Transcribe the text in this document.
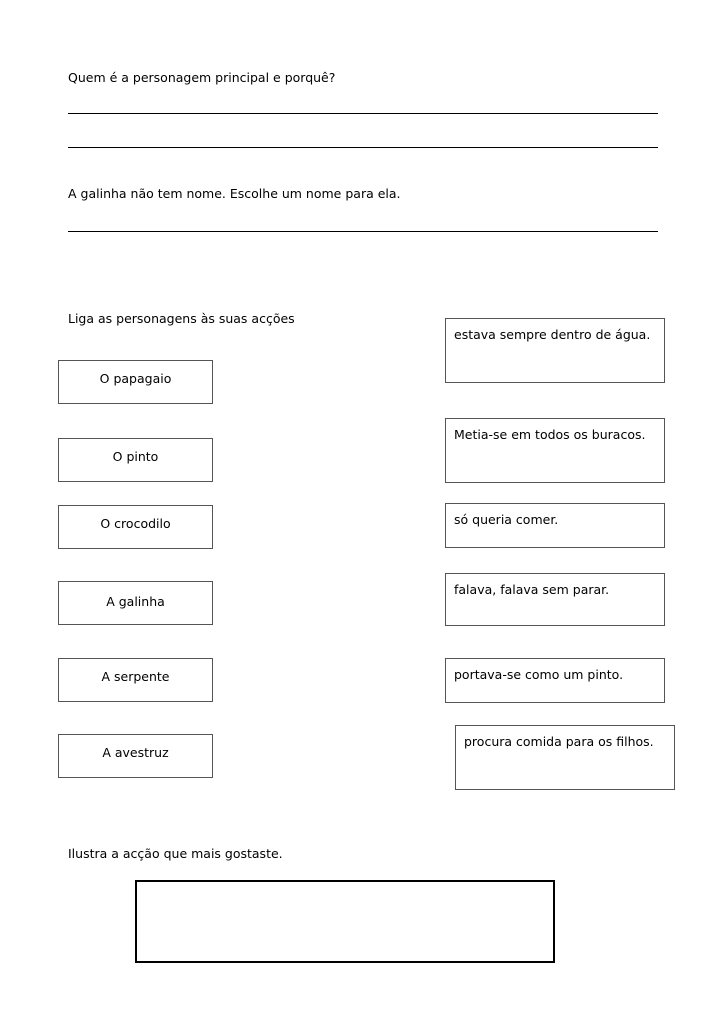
Quem é a personagem principal e porquê?
A galinha não tem nome. Escolhe um nome para ela.
Liga as personagens às suas acções
O papagaio
O pinto
O crocodilo
A galinha
A serpente
A avestruz
estava sempre dentro de água.
Metia-se em todos os buracos.
só queria comer.
falava, falava sem parar.
portava-se como um pinto.
procura comida para os filhos.
Ilustra a acção que mais gostaste.
